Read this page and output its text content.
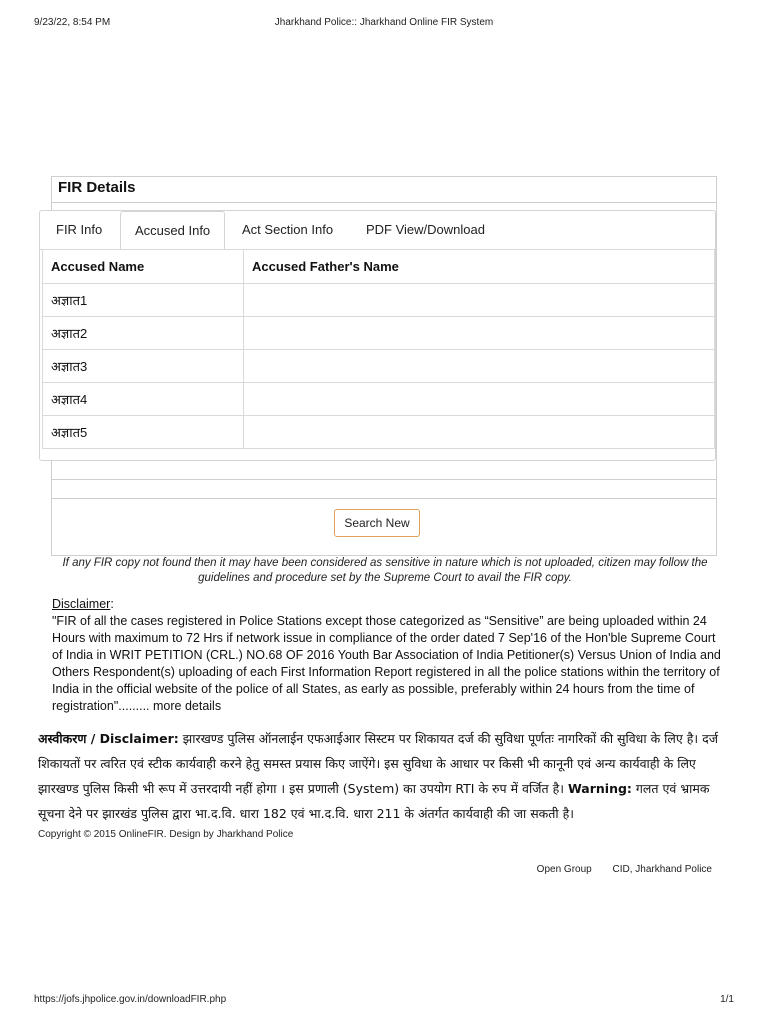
9/23/22, 8:54 PM	Jharkhand Police:: Jharkhand Online FIR System
FIR Details
FIR Info	Accused Info	Act Section Info	PDF View/Download
Accused Name	Accused Father's Name
अज्ञात1	
अज्ञात2	
अज्ञात3	
अज्ञात4	
अज्ञात5	
Search New
If any FIR copy not found then it may have been considered as sensitive in nature which is not uploaded, citizen may follow the guidelines and procedure set by the Supreme Court to avail the FIR copy.
Disclaimer:
"FIR of all the cases registered in Police Stations except those categorized as “Sensitive” are being uploaded within 24 Hours with maximum to 72 Hrs if network issue in compliance of the order dated 7 Sep'16 of the Hon'ble Supreme Court of India in WRIT PETITION (CRL.) NO.68 OF 2016 Youth Bar Association of India Petitioner(s) Versus Union of India and Others Respondent(s) uploading of each First Information Report registered in all the police stations within the territory of India in the official website of the police of all States, as early as possible, preferably within 24 hours from the time of registration"......... more details
अस्वीकरण / Disclaimer: झारखण्ड पुलिस ऑनलाईन एफआईआर सिस्टम पर शिकायत दर्ज की सुविधा पूर्णतः नागरिकों की सुविधा के लिए है। दर्ज शिकायतों पर त्वरित एवं स्टीक कार्यवाही करने हेतु समस्त प्रयास किए जाऐंगे। इस सुविधा के आधार पर किसी भी कानूनी एवं अन्य कार्यवाही के लिए झारखण्ड पुलिस किसी भी रूप में उत्तरदायी नहीं होगा । इस प्रणाली (System) का उपयोग RTI के रुप में वर्जित है। Warning: गलत एवं भ्रामक सूचना देने पर झारखंड पुलिस द्वारा भा.द.वि. धारा 182 एवं भा.द.वि. धारा 211 के अंतर्गत कार्यवाही की जा सकती है।
Copyright © 2015 OnlineFIR. Design by Jharkhand Police
Open Group CID, Jharkhand Police
https://jofs.jhpolice.gov.in/downloadFIR.php	1/1
